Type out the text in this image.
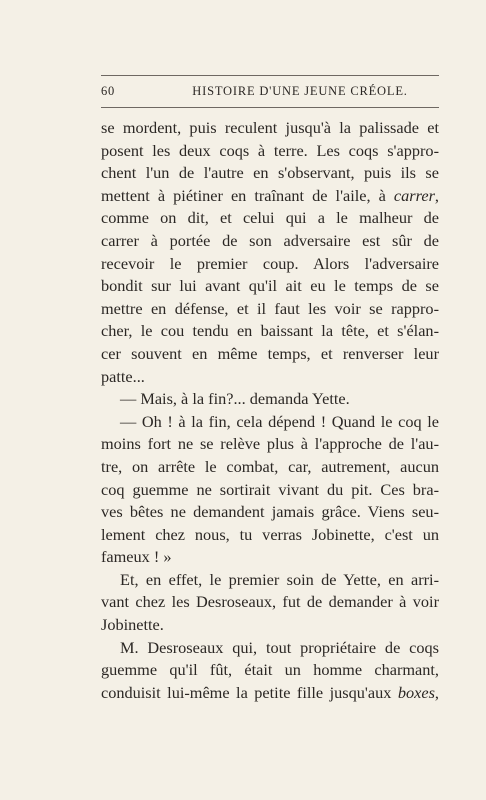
60	HISTOIRE D'UNE JEUNE CRÉOLE.
se mordent, puis reculent jusqu'à la palissade et
posent les deux coqs à terre. Les coqs s'appro-
chent l'un de l'autre en s'observant, puis ils se
mettent à piétiner en traînant de l'aile, à carrer,
comme on dit, et celui qui a le malheur de
carrer à portée de son adversaire est sûr de
recevoir le premier coup. Alors l'adversaire
bondit sur lui avant qu'il ait eu le temps de se
mettre en défense, et il faut les voir se rappro-
cher, le cou tendu en baissant la tête, et s'élan-
cer souvent en même temps, et renverser leur
patte...
— Mais, à la fin?... demanda Yette.
— Oh ! à la fin, cela dépend ! Quand le coq le
moins fort ne se relève plus à l'approche de l'au-
tre, on arrête le combat, car, autrement, aucun
coq guemme ne sortirait vivant du pit. Ces bra-
ves bêtes ne demandent jamais grâce. Viens seu-
lement chez nous, tu verras Jobinette, c'est un
fameux ! »
Et, en effet, le premier soin de Yette, en arri-
vant chez les Desroseaux, fut de demander à voir
Jobinette.
M. Desroseaux qui, tout propriétaire de coqs
guemme qu'il fût, était un homme charmant,
conduisit lui-même la petite fille jusqu'aux boxes,
